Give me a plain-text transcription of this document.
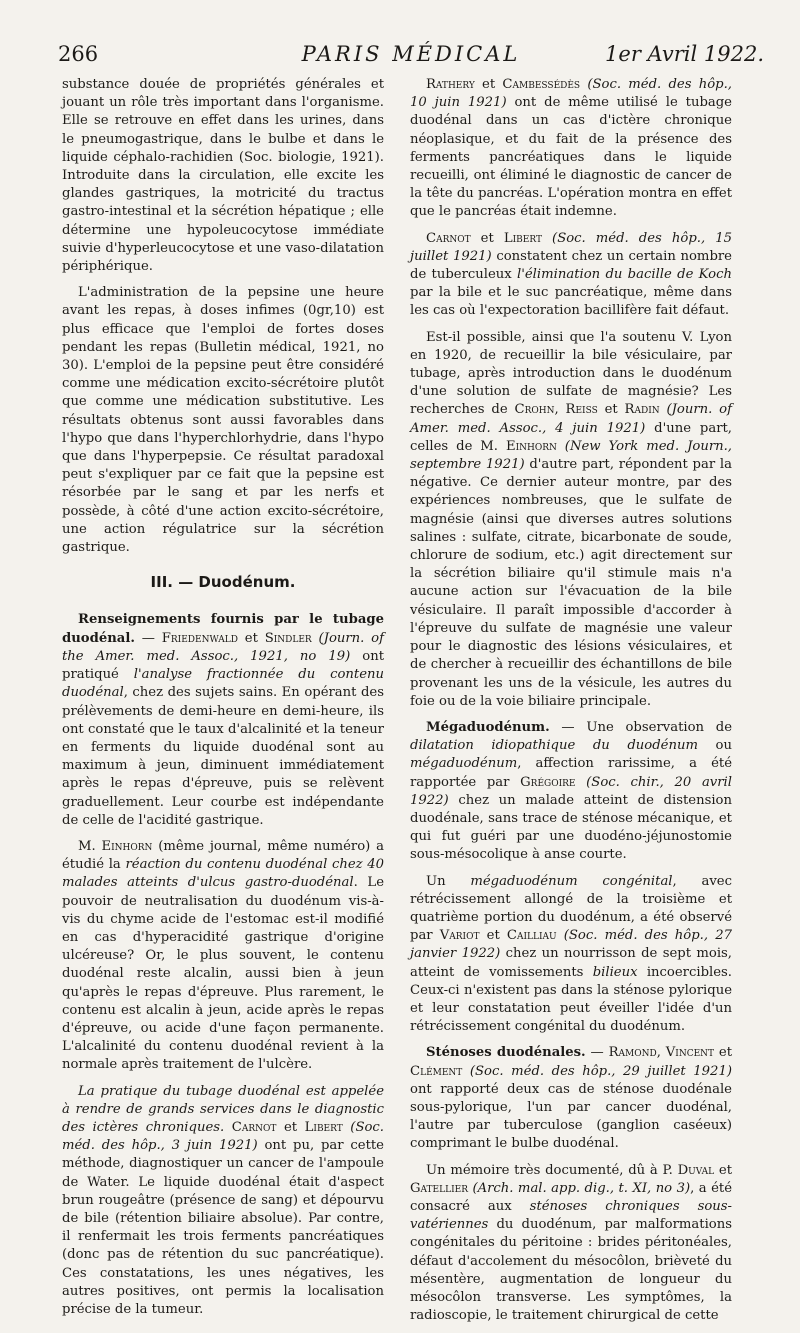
266	PARIS MÉDICAL	1er Avril 1922.

substance douée de propriétés générales et jouant un rôle très important dans l'organisme. Elle se retrouve en effet dans les urines, dans le pneumogastrique, dans le bulbe et dans le liquide céphalo-rachidien (Soc. biologie, 1921). Introduite dans la circulation, elle excite les glandes gastriques, la motricité du tractus gastro-intestinal et la sécrétion hépatique ; elle détermine une hypoleucocytose immédiate suivie d'hyperleucocytose et une vaso-dilatation périphérique.

L'administration de la pepsine une heure avant les repas, à doses infimes (0gr,10) est plus efficace que l'emploi de fortes doses pendant les repas (Bulletin médical, 1921, no 30). L'emploi de la pepsine peut être considéré comme une médication excito-sécrétoire plutôt que comme une médication substitutive. Les résultats obtenus sont aussi favorables dans l'hypo que dans l'hyperchlorhydrie, dans l'hypo que dans l'hyperpepsie. Ce résultat paradoxal peut s'expliquer par ce fait que la pepsine est résorbée par le sang et par les nerfs et possède, à côté d'une action excito-sécrétoire, une action régulatrice sur la sécrétion gastrique.

III. — Duodénum.

Renseignements fournis par le tubage duodénal. — Friedenwald et Sindler (Journ. of the Amer. med. Assoc., 1921, no 19) ont pratiqué l'analyse fractionnée du contenu duodénal, chez des sujets sains. En opérant des prélèvements de demi-heure en demi-heure, ils ont constaté que le taux d'alcalinité et la teneur en ferments du liquide duodénal sont au maximum à jeun, diminuent immédiatement après le repas d'épreuve, puis se relèvent graduellement. Leur courbe est indépendante de celle de l'acidité gastrique.

M. Einhorn (même journal, même numéro) a étudié la réaction du contenu duodénal chez 40 malades atteints d'ulcus gastro-duodénal. Le pouvoir de neutralisation du duodénum vis-à-vis du chyme acide de l'estomac est-il modifié en cas d'hyperacidité gastrique d'origine ulcéreuse? Or, le plus souvent, le contenu duodénal reste alcalin, aussi bien à jeun qu'après le repas d'épreuve. Plus rarement, le contenu est alcalin à jeun, acide après le repas d'épreuve, ou acide d'une façon permanente. L'alcalinité du contenu duodénal revient à la normale après traitement de l'ulcère.

La pratique du tubage duodénal est appelée à rendre de grands services dans le diagnostic des ictères chroniques. Carnot et Libert (Soc. méd. des hôp., 3 juin 1921) ont pu, par cette méthode, diagnostiquer un cancer de l'ampoule de Water. Le liquide duodénal était d'aspect brun rougeâtre (présence de sang) et dépourvu de bile (rétention biliaire absolue). Par contre, il renfermait les trois ferments pancréatiques (donc pas de rétention du suc pancréatique). Ces constatations, les unes négatives, les autres positives, ont permis la localisation précise de la tumeur.

Rathery et Cambessédès (Soc. méd. des hôp., 10 juin 1921) ont de même utilisé le tubage duodénal dans un cas d'ictère chronique néoplasique, et du fait de la présence des ferments pancréatiques dans le liquide recueilli, ont éliminé le diagnostic de cancer de la tête du pancréas. L'opération montra en effet que le pancréas était indemne.

Carnot et Libert (Soc. méd. des hôp., 15 juillet 1921) constatent chez un certain nombre de tuberculeux l'élimination du bacille de Koch par la bile et le suc pancréatique, même dans les cas où l'expectoration bacillifère fait défaut.

Est-il possible, ainsi que l'a soutenu V. Lyon en 1920, de recueillir la bile vésiculaire, par tubage, après introduction dans le duodénum d'une solution de sulfate de magnésie? Les recherches de Crohn, Reiss et Radin (Journ. of Amer. med. Assoc., 4 juin 1921) d'une part, celles de M. Einhorn (New York med. Journ., septembre 1921) d'autre part, répondent par la négative. Ce dernier auteur montre, par des expériences nombreuses, que le sulfate de magnésie (ainsi que diverses autres solutions salines : sulfate, citrate, bicarbonate de soude, chlorure de sodium, etc.) agit directement sur la sécrétion biliaire qu'il stimule mais n'a aucune action sur l'évacuation de la bile vésiculaire. Il paraît impossible d'accorder à l'épreuve du sulfate de magnésie une valeur pour le diagnostic des lésions vésiculaires, et de chercher à recueillir des échantillons de bile provenant les uns de la vésicule, les autres du foie ou de la voie biliaire principale.

Mégaduodénum. — Une observation de dilatation idiopathique du duodénum ou mégaduodénum, affection rarissime, a été rapportée par Grégoire (Soc. chir., 20 avril 1922) chez un malade atteint de distension duodénale, sans trace de sténose mécanique, et qui fut guéri par une duodéno-jéjunostomie sous-mésocolique à anse courte.

Un mégaduodénum congénital, avec rétrécissement allongé de la troisième et quatrième portion du duodénum, a été observé par Variot et Cailliau (Soc. méd. des hôp., 27 janvier 1922) chez un nourrisson de sept mois, atteint de vomissements bilieux incoercibles. Ceux-ci n'existent pas dans la sténose pylorique et leur constatation peut éveiller l'idée d'un rétrécissement congénital du duodénum.

Sténoses duodénales. — Ramond, Vincent et Clément (Soc. méd. des hôp., 29 juillet 1921) ont rapporté deux cas de sténose duodénale sous-pylorique, l'un par cancer duodénal, l'autre par tuberculose (ganglion caséeux) comprimant le bulbe duodénal.

Un mémoire très documenté, dû à P. Duval et Gatellier (Arch. mal. app. dig., t. XI, no 3), a été consacré aux sténoses chroniques sous-vatériennes du duodénum, par malformations congénitales du péritoine : brides péritonéales, défaut d'accolement du mésocôlon, brièveté du mésentère, augmentation de longueur du mésocôlon transverse. Les symptômes, la radioscopie, le traitement chirurgical de cette
